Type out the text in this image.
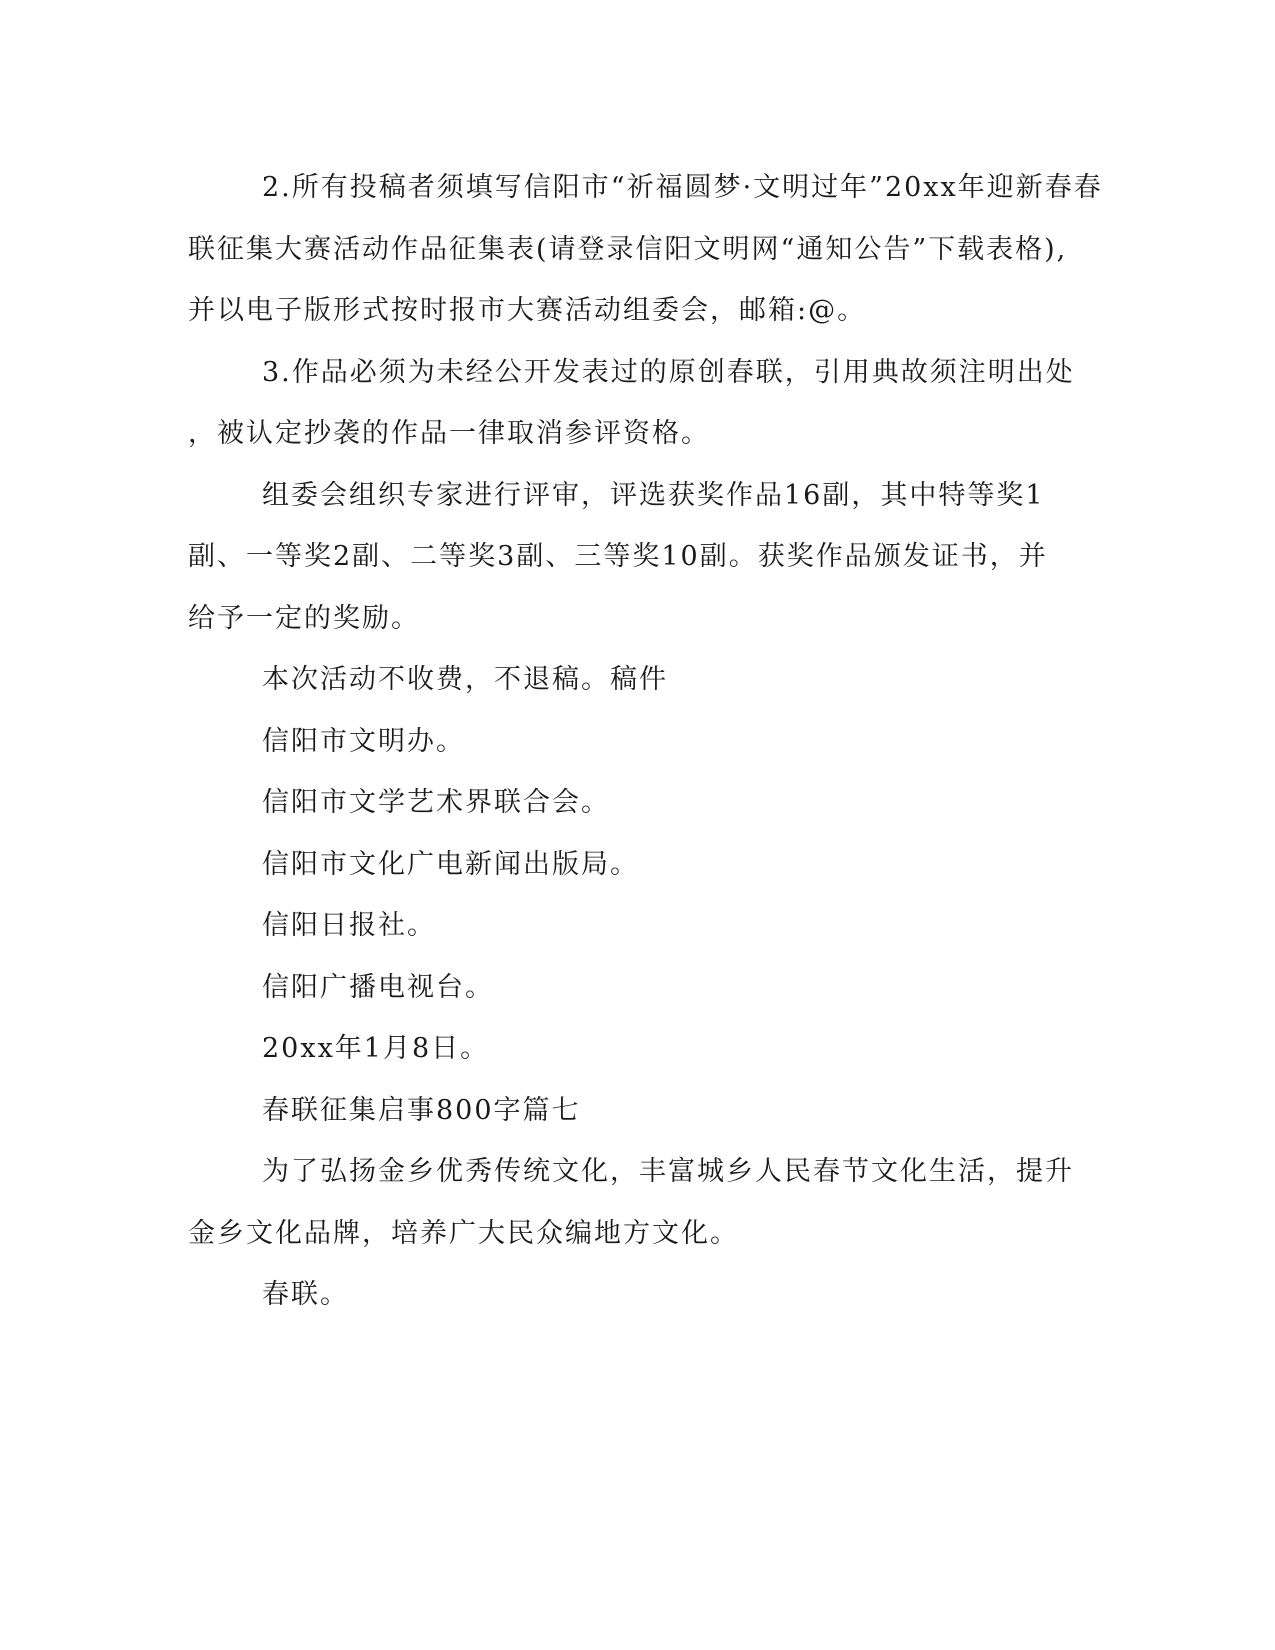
2.所有投稿者须填写信阳市“祈福圆梦·文明过年”20xx年迎新春春
联征集大赛活动作品征集表(请登录信阳文明网“通知公告”下载表格),
并以电子版形式按时报市大赛活动组委会，邮箱:@。

3.作品必须为未经公开发表过的原创春联，引用典故须注明出处
，被认定抄袭的作品一律取消参评资格。

组委会组织专家进行评审，评选获奖作品16副，其中特等奖1
副、一等奖2副、二等奖3副、三等奖10副。获奖作品颁发证书，并
给予一定的奖励。

本次活动不收费，不退稿。稿件

信阳市文明办。

信阳市文学艺术界联合会。

信阳市文化广电新闻出版局。

信阳日报社。

信阳广播电视台。

20xx年1月8日。

春联征集启事800字篇七

为了弘扬金乡优秀传统文化，丰富城乡人民春节文化生活，提升
金乡文化品牌，培养广大民众编地方文化。

春联。
